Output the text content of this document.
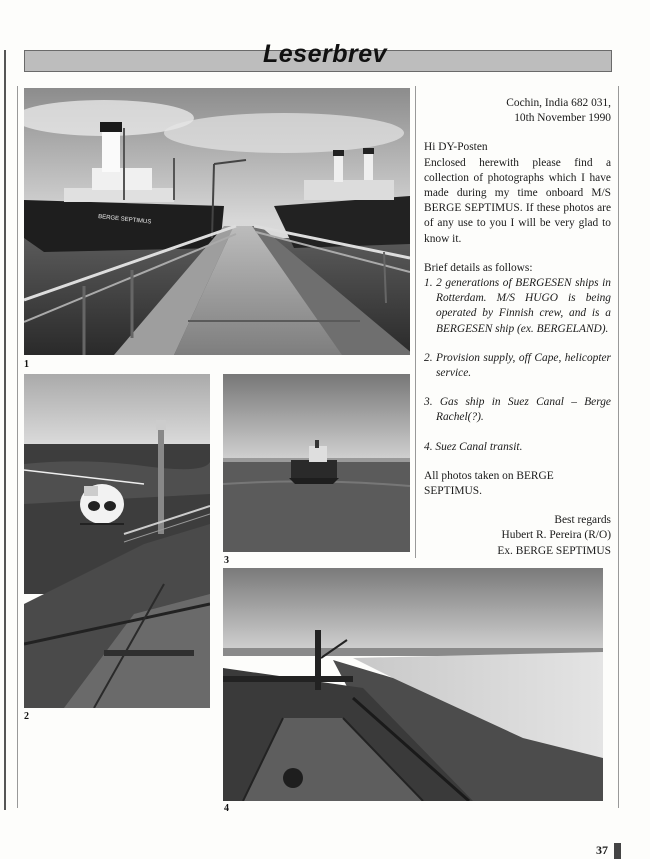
Leserbrev
BERGE SEPTIMUS
1
2
3
4

Cochin, India 682 031,

10th November 1990

Hi DY-Posten

Enclosed herewith please find a collection of photographs which I have made during my time onboard M/S BERGE SEPTIMUS. If these photos are of any use to you I will be very glad to know it.

Brief details as follows:

1. 2 generations of BERGESEN ships in Rotterdam. M/S HUGO is being operated by Finnish crew, and is a BERGESEN ship (ex. BERGELAND).

2. Provision supply, off Cape, helicopter service.

3. Gas ship in Suez Canal – Berge Rachel(?).

4. Suez Canal transit.

All photos taken on BERGE SEPTIMUS.

Best regards

Hubert R. Pereira (R/O)

Ex. BERGE SEPTIMUS

37
